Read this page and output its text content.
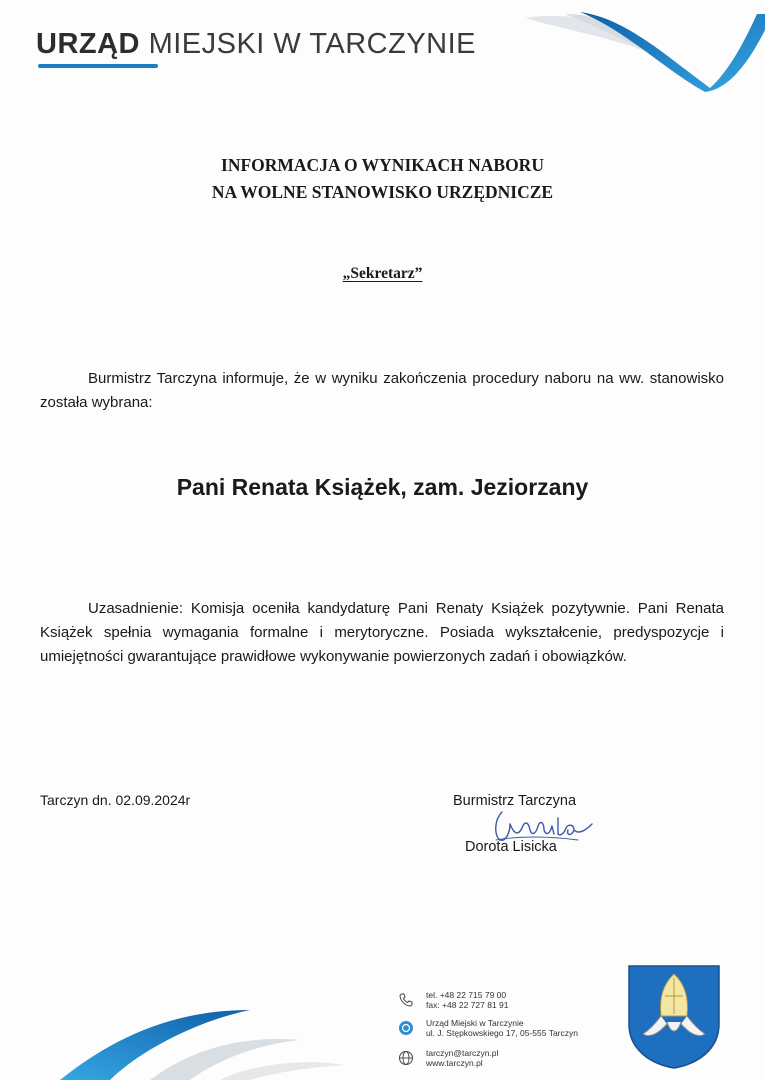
URZĄD MIEJSKI W TARCZYNIE
INFORMACJA O WYNIKACH NABORU
NA WOLNE STANOWISKO URZĘDNICZE
„Sekretarz”
Burmistrz Tarczyna informuje, że w wyniku zakończenia procedury naboru na ww. stanowisko została wybrana:
Pani Renata Książek, zam. Jeziorzany
Uzasadnienie: Komisja oceniła kandydaturę Pani Renaty Książek pozytywnie. Pani Renata Książek spełnia wymagania formalne i merytoryczne. Posiada wykształcenie, predyspozycje i umiejętności gwarantujące prawidłowe wykonywanie powierzonych zadań i obowiązków.
Tarczyn dn. 02.09.2024r	Burmistrz Tarczyna
Dorota Lisicka
tel. +48 22 715 79 00
fax: +48 22 727 81 91
Urząd Miejski w Tarczynie
ul. J. Stępkowskiego 17, 05-555 Tarczyn
tarczyn@tarczyn.pl
www.tarczyn.pl
